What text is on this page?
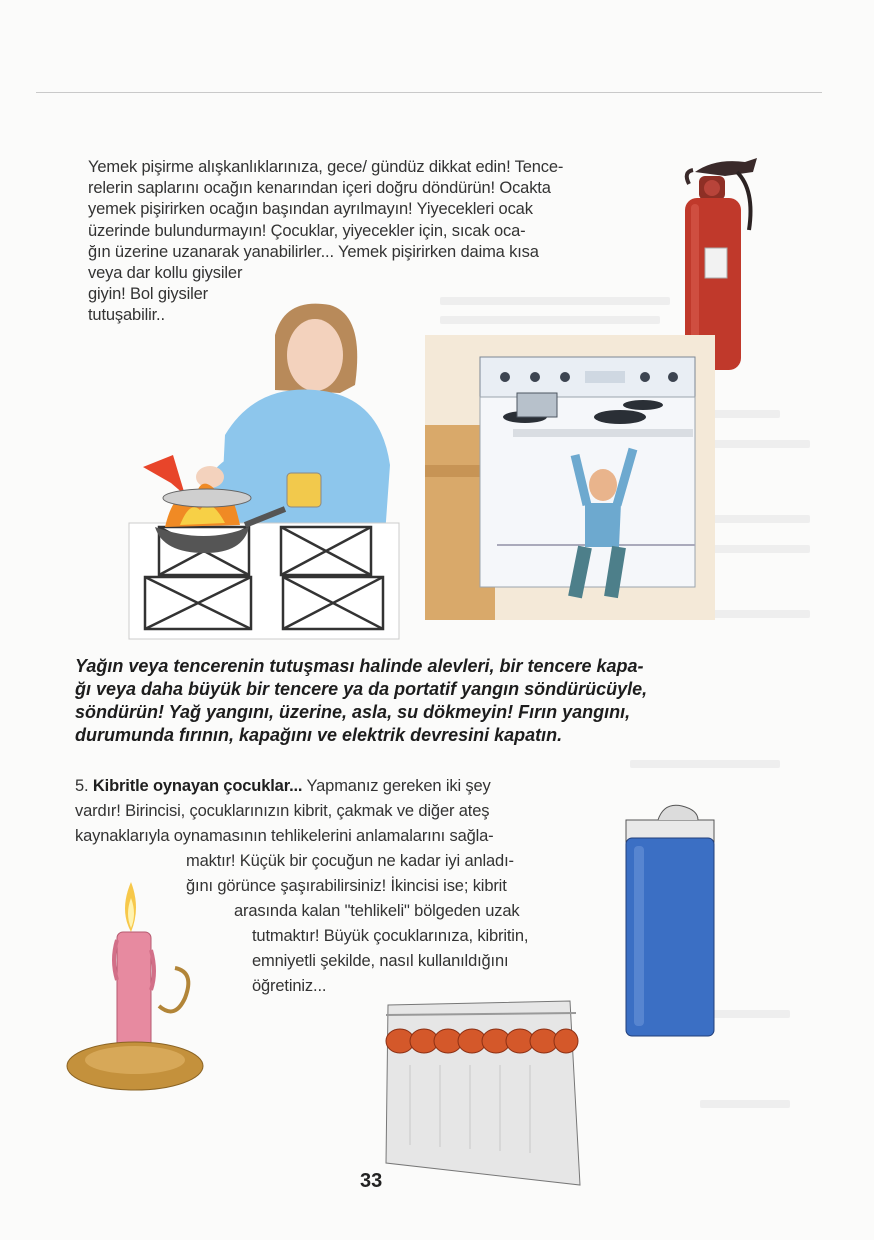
Yemek pişirme alışkanlıklarınıza, gece/ gündüz dikkat edin! Tence-
relerin saplarını ocağın kenarından içeri doğru döndürün! Ocakta
yemek pişirirken ocağın başından ayrılmayın! Yiyecekleri ocak
üzerinde bulundurmayın! Çocuklar, yiyecekler için, sıcak oca-
ğın üzerine uzanarak yanabilirler... Yemek pişirirken daima kısa
veya dar kollu giysiler
giyin! Bol giysiler
tutuşabilir..
Yağın veya tencerenin tutuşması halinde alevleri, bir tencere kapa-
ğı veya daha büyük bir tencere ya da portatif yangın söndürücüyle,
söndürün! Yağ yangını, üzerine, asla, su dökmeyin! Fırın yangını,
durumunda fırının, kapağını ve elektrik devresini kapatın.
5. Kibritle oynayan çocuklar... Yapmanız gereken iki şey
vardır! Birincisi, çocuklarınızın kibrit, çakmak ve diğer ateş
kaynaklarıyla oynamasının tehlikelerini anlamalarını sağla-
maktır! Küçük bir çocuğun ne kadar iyi anladı-
ğını görünce şaşırabilirsiniz! İkincisi ise; kibrit
arasında kalan "tehlikeli" bölgeden uzak
tutmaktır! Büyük çocuklarınıza, kibritin,
emniyetli şekilde, nasıl kullanıldığını
öğretiniz...
33
